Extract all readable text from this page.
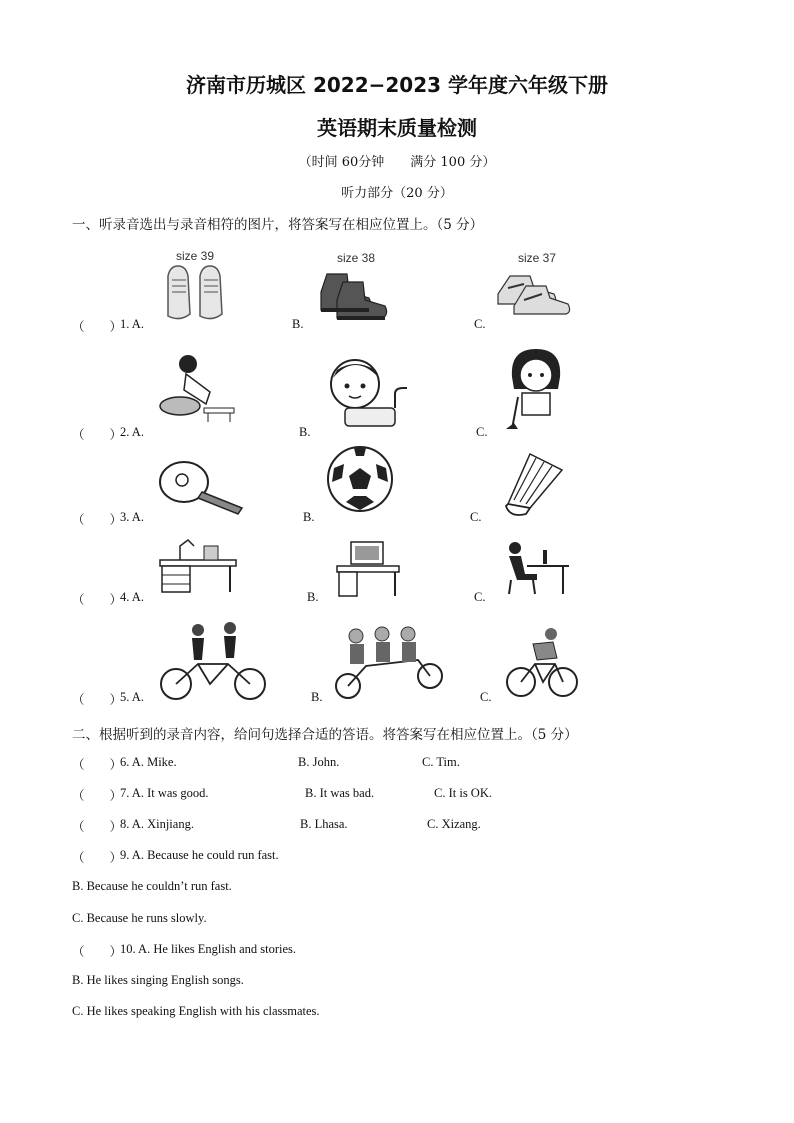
济南市历城区 2022−2023 学年度六年级下册
英语期末质量检测
（时间 60分钟　　满分 100 分）
听力部分（20 分）
一、听录音选出与录音相符的图片，将答案写在相应位置上。（5 分）
（　　）
1. A.	B.	C.
size 39	size 38	size 37
（　　）
2. A.	B.	C.
（　　）
3. A.	B.	C.
（　　）
4. A.	B.	C.
（　　）
5. A.	B.	C.
二、根据听到的录音内容，给问句选择合适的答语。将答案写在相应位置上。（5 分）
（　　）
6. A. Mike.	B. John.	C. Tim.
（　　）
7. A. It was good.	B. It was bad.	C. It is OK.
（　　）
8. A. Xinjiang.	B. Lhasa.	C. Xizang.
（　　）
9. A. Because he could run fast.
B. Because he couldn’t run fast.
C. Because he runs slowly.
（　　）
10. A. He likes English and stories.
B. He likes singing English songs.
C. He likes speaking English with his classmates.
